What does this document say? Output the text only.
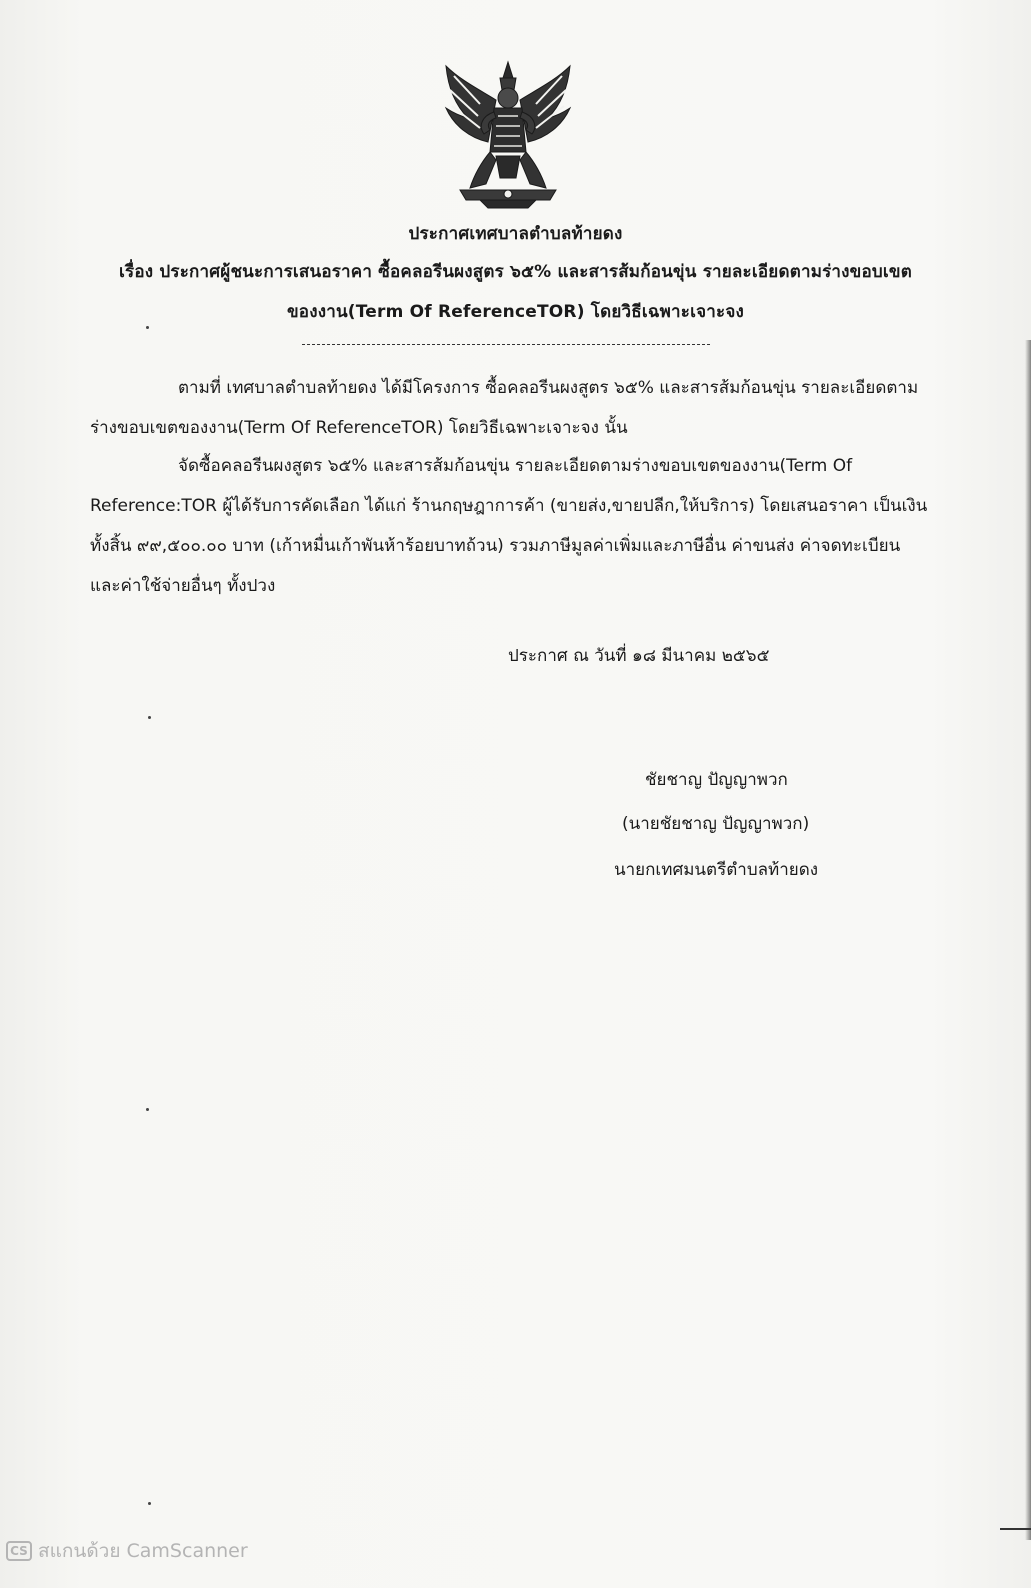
ประกาศเทศบาลตำบลท้ายดง
เรื่อง ประกาศผู้ชนะการเสนอราคา ซื้อคลอรีนผงสูตร ๖๕% และสารส้มก้อนขุ่น รายละเอียดตามร่างขอบเขต
ของงาน(Term Of ReferenceTOR) โดยวิธีเฉพาะเจาะจง
ตามที่ เทศบาลตำบลท้ายดง ได้มีโครงการ ซื้อคลอรีนผงสูตร ๖๕% และสารส้มก้อนขุ่น รายละเอียดตาม
ร่างขอบเขตของงาน(Term Of ReferenceTOR) โดยวิธีเฉพาะเจาะจง นั้น
จัดซื้อคลอรีนผงสูตร ๖๕% และสารส้มก้อนขุ่น รายละเอียดตามร่างขอบเขตของงาน(Term Of
Reference:TOR ผู้ได้รับการคัดเลือก ได้แก่ ร้านกฤษฎาการค้า (ขายส่ง,ขายปลีก,ให้บริการ) โดยเสนอราคา เป็นเงิน
ทั้งสิ้น ๙๙,๕๐๐.๐๐ บาท (เก้าหมื่นเก้าพันห้าร้อยบาทถ้วน) รวมภาษีมูลค่าเพิ่มและภาษีอื่น ค่าขนส่ง ค่าจดทะเบียน
และค่าใช้จ่ายอื่นๆ ทั้งปวง
ประกาศ ณ วันที่ ๑๘ มีนาคม ๒๕๖๕
ชัยชาญ ปัญญาพวก
(นายชัยชาญ ปัญญาพวก)
นายกเทศมนตรีตำบลท้ายดง
CS สแกนด้วย CamScanner
